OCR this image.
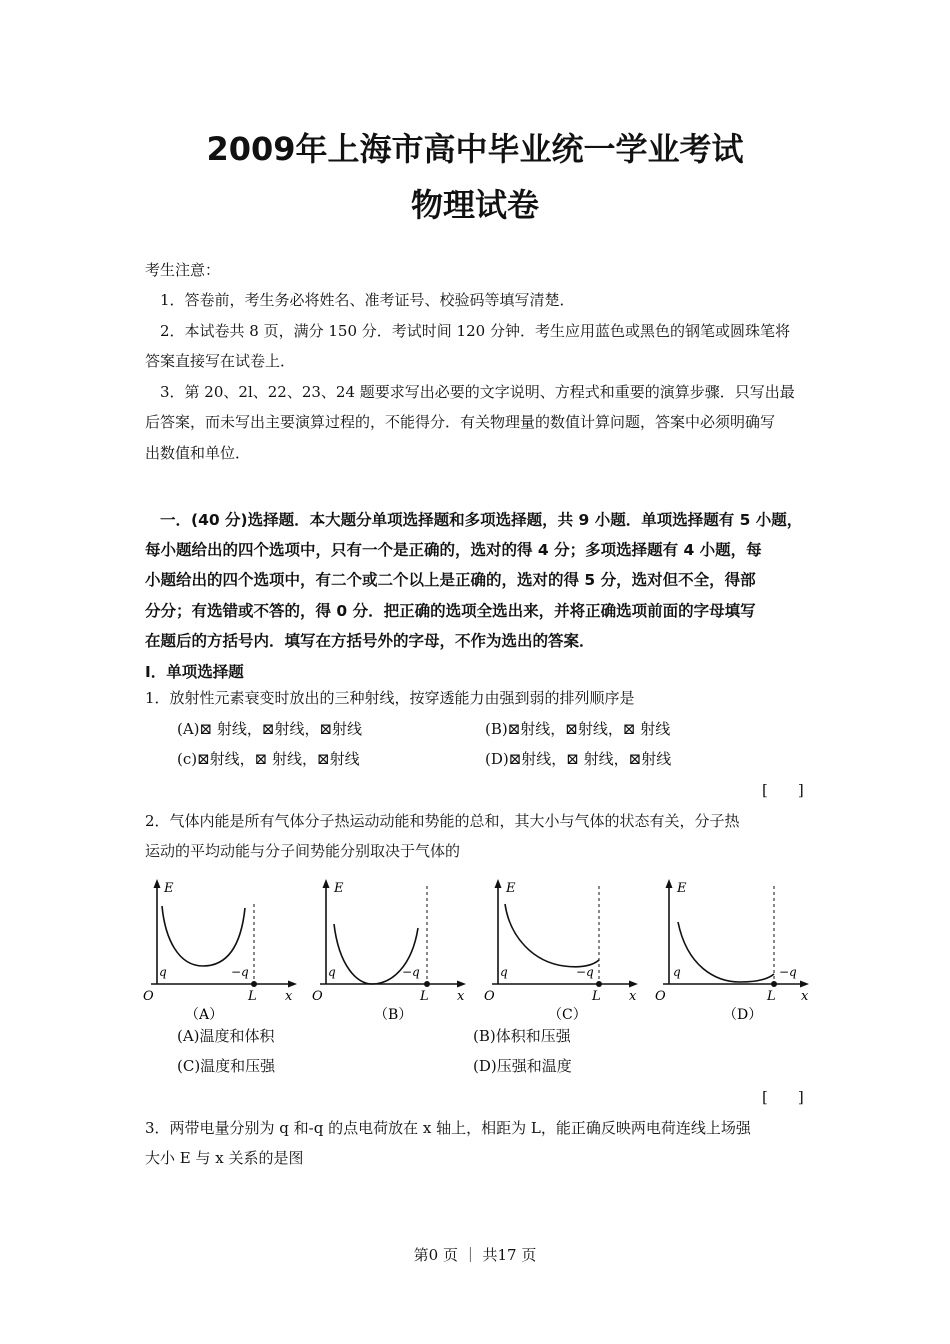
2009年上海市高中毕业统一学业考试
物理试卷
考生注意：
1．答卷前，考生务必将姓名、准考证号、校验码等填写清楚．
2．本试卷共 8 页，满分 150 分．考试时间 120 分钟．考生应用蓝色或黑色的钢笔或圆珠笔将
答案直接写在试卷上．
3．第 20、2l、22、23、24 题要求写出必要的文字说明、方程式和重要的演算步骤．只写出最
后答案，而未写出主要演算过程的，不能得分．有关物理量的数值计算问题，答案中必须明确写
出数值和单位．
一．(40 分)选择题．本大题分单项选择题和多项选择题，共 9 小题．单项选择题有 5 小题，
每小题给出的四个选项中，只有一个是正确的，选对的得 4 分；多项选择题有 4 小题，每
小题给出的四个选项中，有二个或二个以上是正确的，选对的得 5 分，选对但不全，得部
分分；有选错或不答的，得 0 分．把正确的选项全选出来，并将正确选项前面的字母填写
在题后的方括号内．填写在方括号外的字母，不作为选出的答案．
Ⅰ．单项选择题
1．放射性元素衰变时放出的三种射线，按穿透能力由强到弱的排列顺序是
(A)⊠ 射线，⊠射线，⊠射线	(B)⊠射线，⊠射线，⊠ 射线
(c)⊠射线，⊠ 射线，⊠射线	(D)⊠射线，⊠ 射线，⊠射线
[　　]
2．气体内能是所有气体分子热运动动能和势能的总和，其大小与气体的状态有关，分子热
运动的平均动能与分子间势能分别取决于气体的
E
q	−q
O	L x
（A）
E
q	−q
O	L x
（B）
E
q	−q
O	L x
（C）
E
q	−q
O	L x
（D）
(A)温度和体积	(B)体积和压强
(C)温度和压强	(D)压强和温度
[　　]
3．两带电量分别为 q 和-q 的点电荷放在 x 轴上，相距为 L，能正确反映两电荷连线上场强
大小 E 与 x 关系的是图
第0 页 ｜ 共17 页
